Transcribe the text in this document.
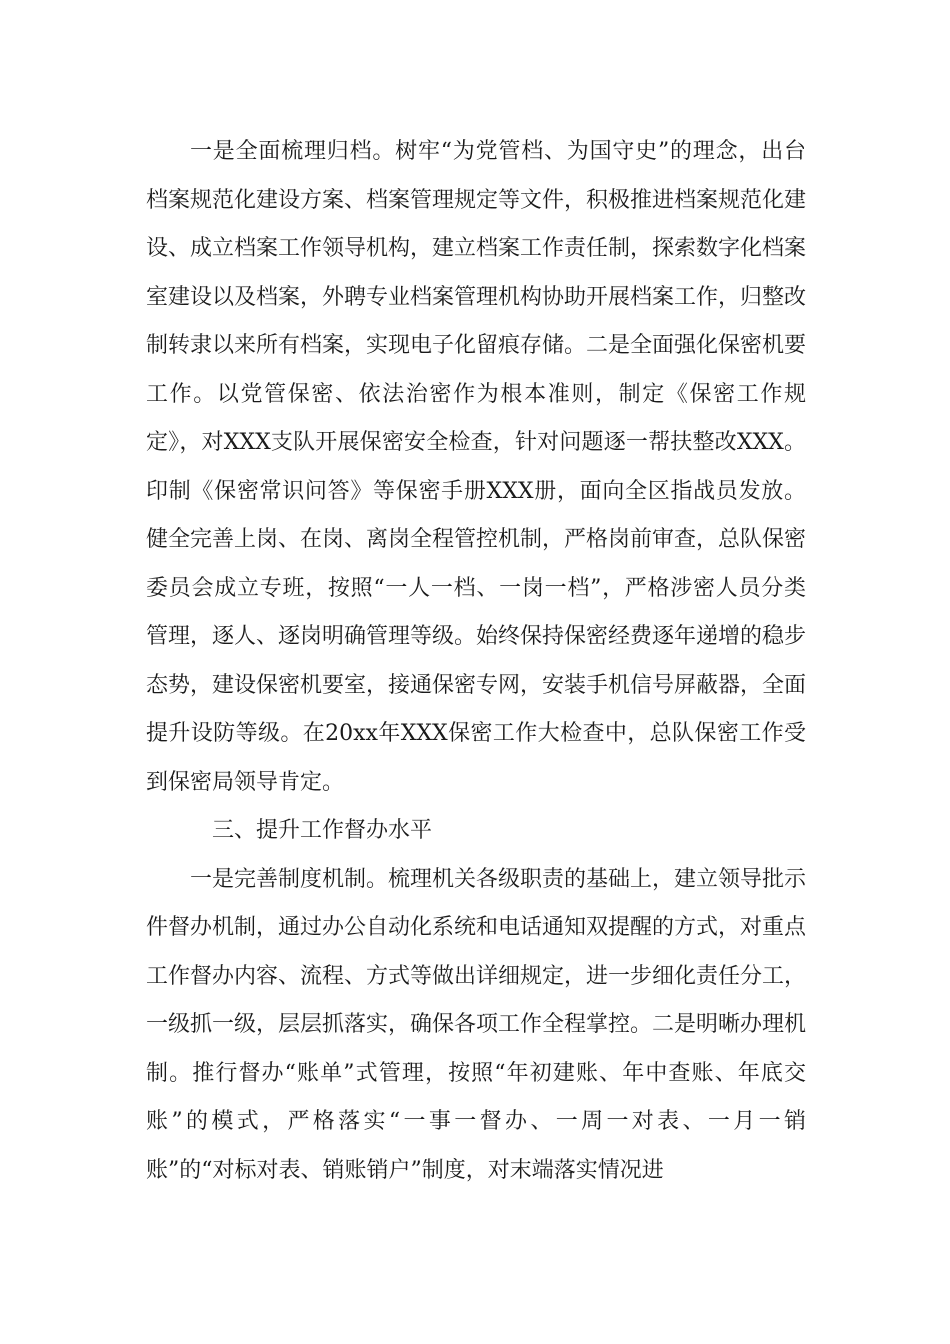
一是全面梳理归档。树牢“为党管档、为国守史”的理念，出台档案规范化建设方案、档案管理规定等文件，积极推进档案规范化建设、成立档案工作领导机构，建立档案工作责任制，探索数字化档案室建设以及档案，外聘专业档案管理机构协助开展档案工作，归整改制转隶以来所有档案，实现电子化留痕存储。二是全面强化保密机要工作。以党管保密、依法治密作为根本准则，制定《保密工作规定》，对XXX支队开展保密安全检查，针对问题逐一帮扶整改XXX。印制《保密常识问答》等保密手册XXX册，面向全区指战员发放。健全完善上岗、在岗、离岗全程管控机制，严格岗前审查，总队保密委员会成立专班，按照“一人一档、一岗一档”，严格涉密人员分类管理，逐人、逐岗明确管理等级。始终保持保密经费逐年递增的稳步态势，建设保密机要室，接通保密专网，安装手机信号屏蔽器，全面提升设防等级。在20xx年XXX保密工作大检查中，总队保密工作受到保密局领导肯定。

三、提升工作督办水平

一是完善制度机制。梳理机关各级职责的基础上，建立领导批示件督办机制，通过办公自动化系统和电话通知双提醒的方式，对重点工作督办内容、流程、方式等做出详细规定，进一步细化责任分工，一级抓一级，层层抓落实，确保各项工作全程掌控。二是明晰办理机制。推行督办“账单”式管理，按照“年初建账、年中查账、年底交账”的模式，严格落实“一事一督办、一周一对表、一月一销账”的“对标对表、销账销户”制度，对末端落实情况进
